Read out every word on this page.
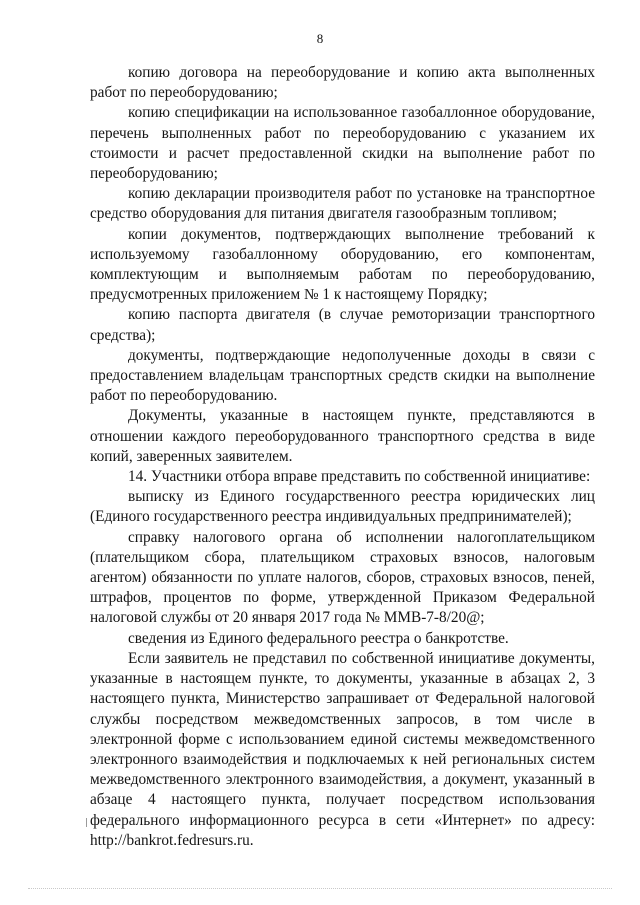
8

копию договора на переоборудование и копию акта выполненных работ по переоборудованию;

копию спецификации на использованное газобаллонное оборудование, перечень выполненных работ по переоборудованию с указанием их стоимости и расчет предоставленной скидки на выполнение работ по переоборудованию;

копию декларации производителя работ по установке на транспортное средство оборудования для питания двигателя газообразным топливом;

копии документов, подтверждающих выполнение требований к используемому газобаллонному оборудованию, его компонентам, комплектующим и выполняемым работам по переоборудованию, предусмотренных приложением № 1 к настоящему Порядку;

копию паспорта двигателя (в случае ремоторизации транспортного средства);

документы, подтверждающие недополученные доходы в связи с предоставлением владельцам транспортных средств скидки на выполнение работ по переоборудованию.

Документы, указанные в настоящем пункте, представляются в отношении каждого переоборудованного транспортного средства в виде копий, заверенных заявителем.

14. Участники отбора вправе представить по собственной инициативе:

выписку из Единого государственного реестра юридических лиц (Единого государственного реестра индивидуальных предпринимателей);

справку налогового органа об исполнении налогоплательщиком (плательщиком сбора, плательщиком страховых взносов, налоговым агентом) обязанности по уплате налогов, сборов, страховых взносов, пеней, штрафов, процентов по форме, утвержденной Приказом Федеральной налоговой службы от 20 января 2017 года № ММВ-7-8/20@;

сведения из Единого федерального реестра о банкротстве.

Если заявитель не представил по собственной инициативе документы, указанные в настоящем пункте, то документы, указанные в абзацах 2, 3 настоящего пункта, Министерство запрашивает от Федеральной налоговой службы посредством межведомственных запросов, в том числе в электронной форме с использованием единой системы межведомственного электронного взаимодействия и подключаемых к ней региональных систем межведомственного электронного взаимодействия, а документ, указанный в абзаце 4 настоящего пункта, получает посредством использования федерального информационного ресурса в сети «Интернет» по адресу: http://bankrot.fedresurs.ru.
